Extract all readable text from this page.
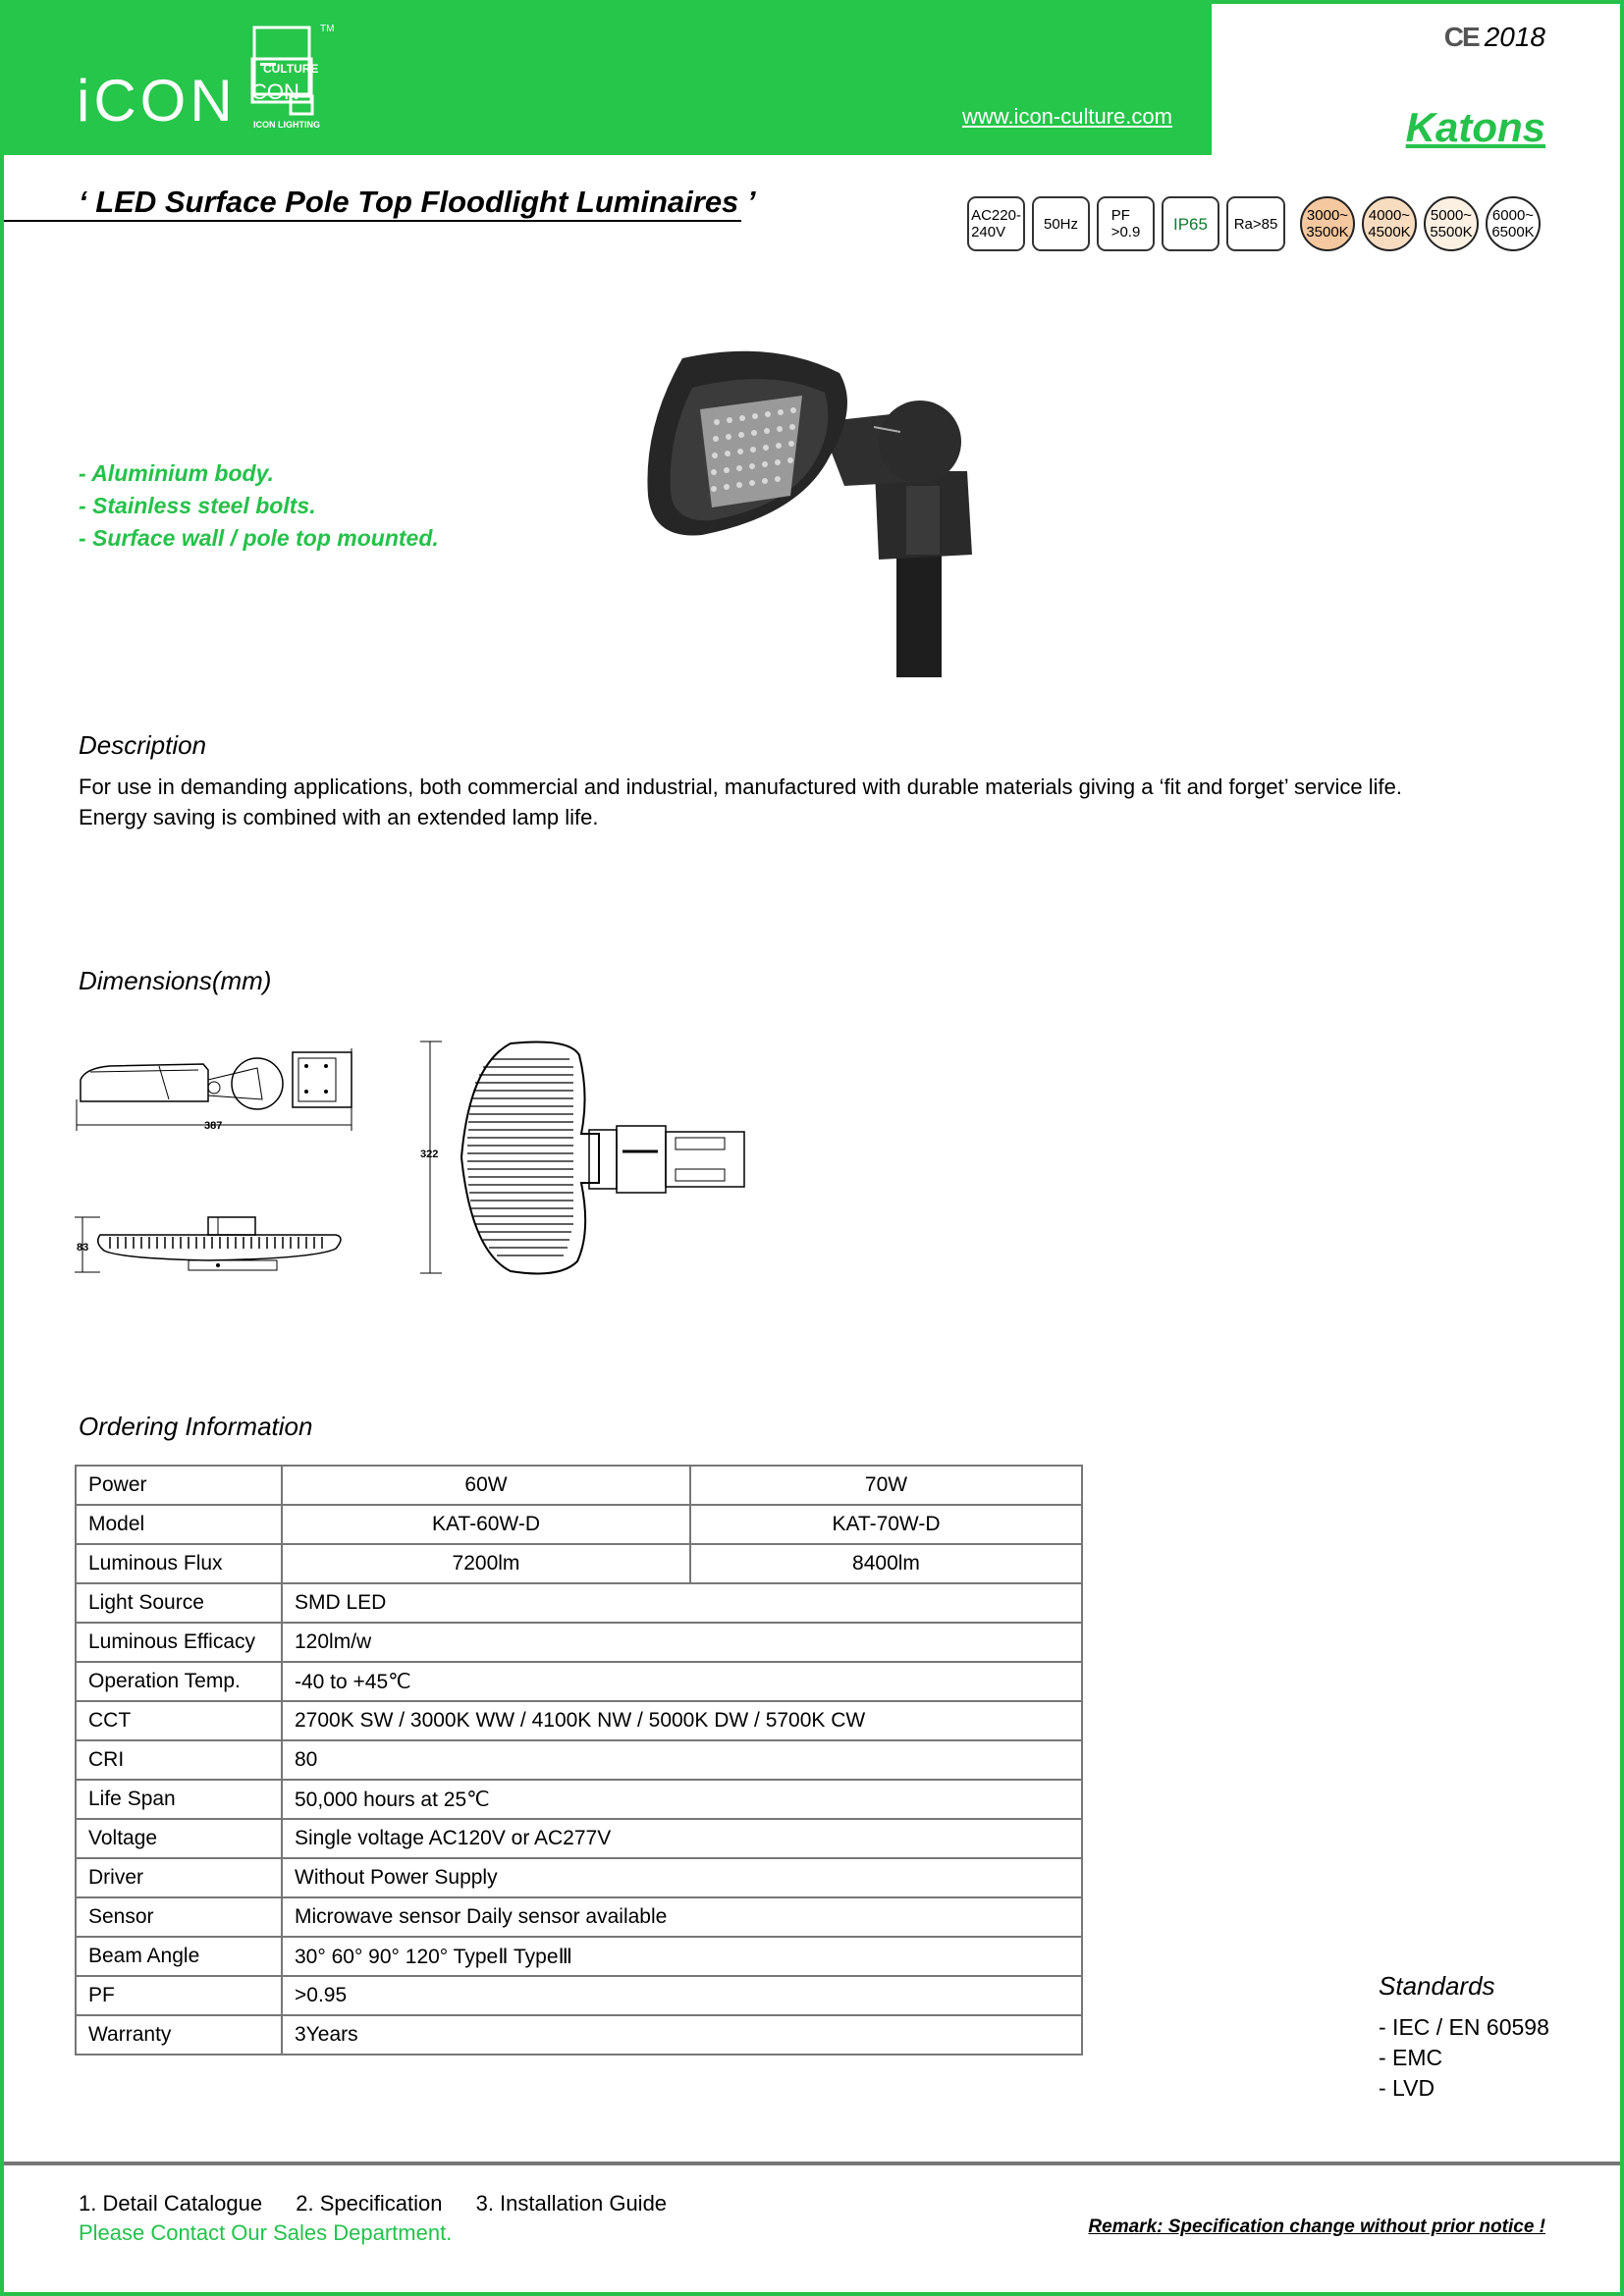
iCON CULTURE
CON
ICON LIGHTING
TM
www.icon-culture.com
CE 2018
Katons
‘ LED Surface Pole Top Floodlight Luminaires ’	AC220-
240V	50Hz PF
>0.9 IP65 Ra>85 3000~
3500K
4000~
4500K
5000~
5500K
6000~
6500K
- Aluminium body.
- Stainless steel bolts.
- Surface wall / pole top mounted.
Description
For use in demanding applications, both commercial and industrial, manufactured with durable materials giving a ‘fit and forget’ service life.
Energy saving is combined with an extended lamp life.
Dimensions(mm)
387
83
322
Ordering Information
Power	60W	70W
Model	KAT-60W-D	KAT-70W-D
Luminous Flux	7200lm	8400lm
Light Source	SMD LED	
Luminous Efficacy	120lm/w	
Operation Temp.	-40 to +45℃	
CCT	2700K SW / 3000K WW / 4100K NW / 5000K DW / 5700K CW	
CRI	80	
Life Span	50,000 hours at 25℃	
Voltage	Single voltage AC120V or AC277V	
Driver	Without Power Supply	
Sensor	Microwave sensor Daily sensor available	
Beam Angle	30° 60° 90° 120° TypeⅡ TypeⅢ	
PF	>0.95	
Warranty	3Years	
Standards
- IEC / EN 60598
- EMC
- LVD
1. Detail Catalogue 2. Specification 3. Installation Guide
Please Contact Our Sales Department.	Remark: Specification change without prior notice !
